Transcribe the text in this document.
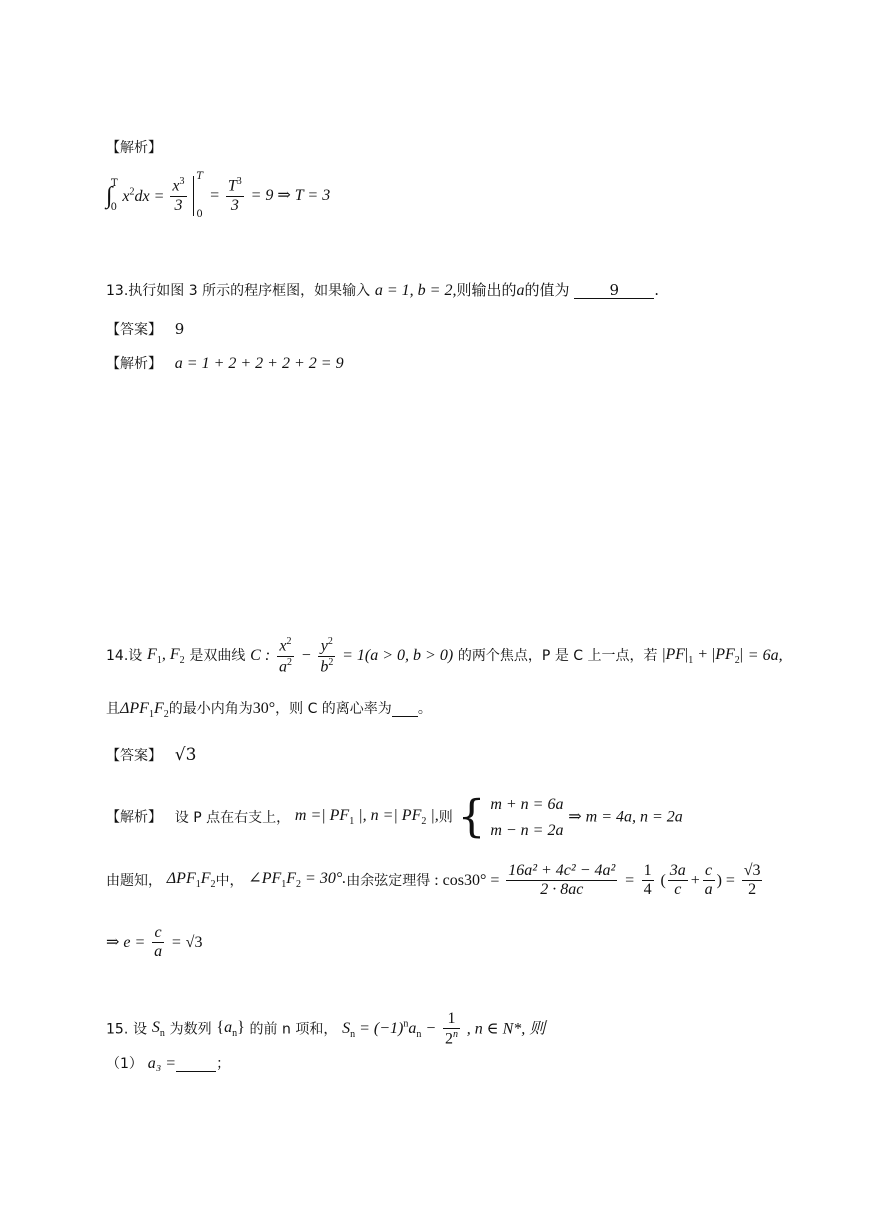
【解析】
$\int_0^T$ $x^2dx = \frac{x^3}{3}$
T
0
= $\frac{T^3}{3} = 9$ ⇒ T = 3
13.执行如图 3 所示的程序框图，如果输入 a = 1, b = 2,则输出的a的值为	9 .
【答案】 9
【解析】 a = 1 + 2 + 2 + 2 + 2 = 9
14.设 $F_1$, $F_2$ 是双曲线 C : $\frac{x^2}{a^2} - \frac{y^2}{b^2} = 1(a > 0$, b > 0) 的两个焦点，P 是 C 上一点，若 $|PF|_1 + |PF_2| = 6a$,
且$\Delta PF_1F_2$的最小内角为30°，则 C 的离心率为 。
【答案】 √3
【解析】 设 P 点在右支上， m =| $PF_1$ |, n =| $PF_2$ |,则 { m + n = 6a
m − n = 2a
⇒ m = 4a, n = 2a
由题知， $\Delta PF_1F_2$中， $\angle PF_1F_2 = 30^\circ$.由余弦定理得 : $\cos 30^\circ = \frac{\text{16a² + 4c² − 4a²}}{2 \cdot 8ac} = \frac{1}{4}$ ( $\frac{3a}{c} + \frac{c}{a}$ ) = $\frac{√3}{2}$
⇒ $e = \frac{c}{a} = √3$
15. 设 $S_n$ 为数列 $\{a_n\}$ 的前 n 项和， $S_n = (-1)^na_n - \frac{1}{2^n}$ , n ∈ N*, 则
（1） a₃ =	；
